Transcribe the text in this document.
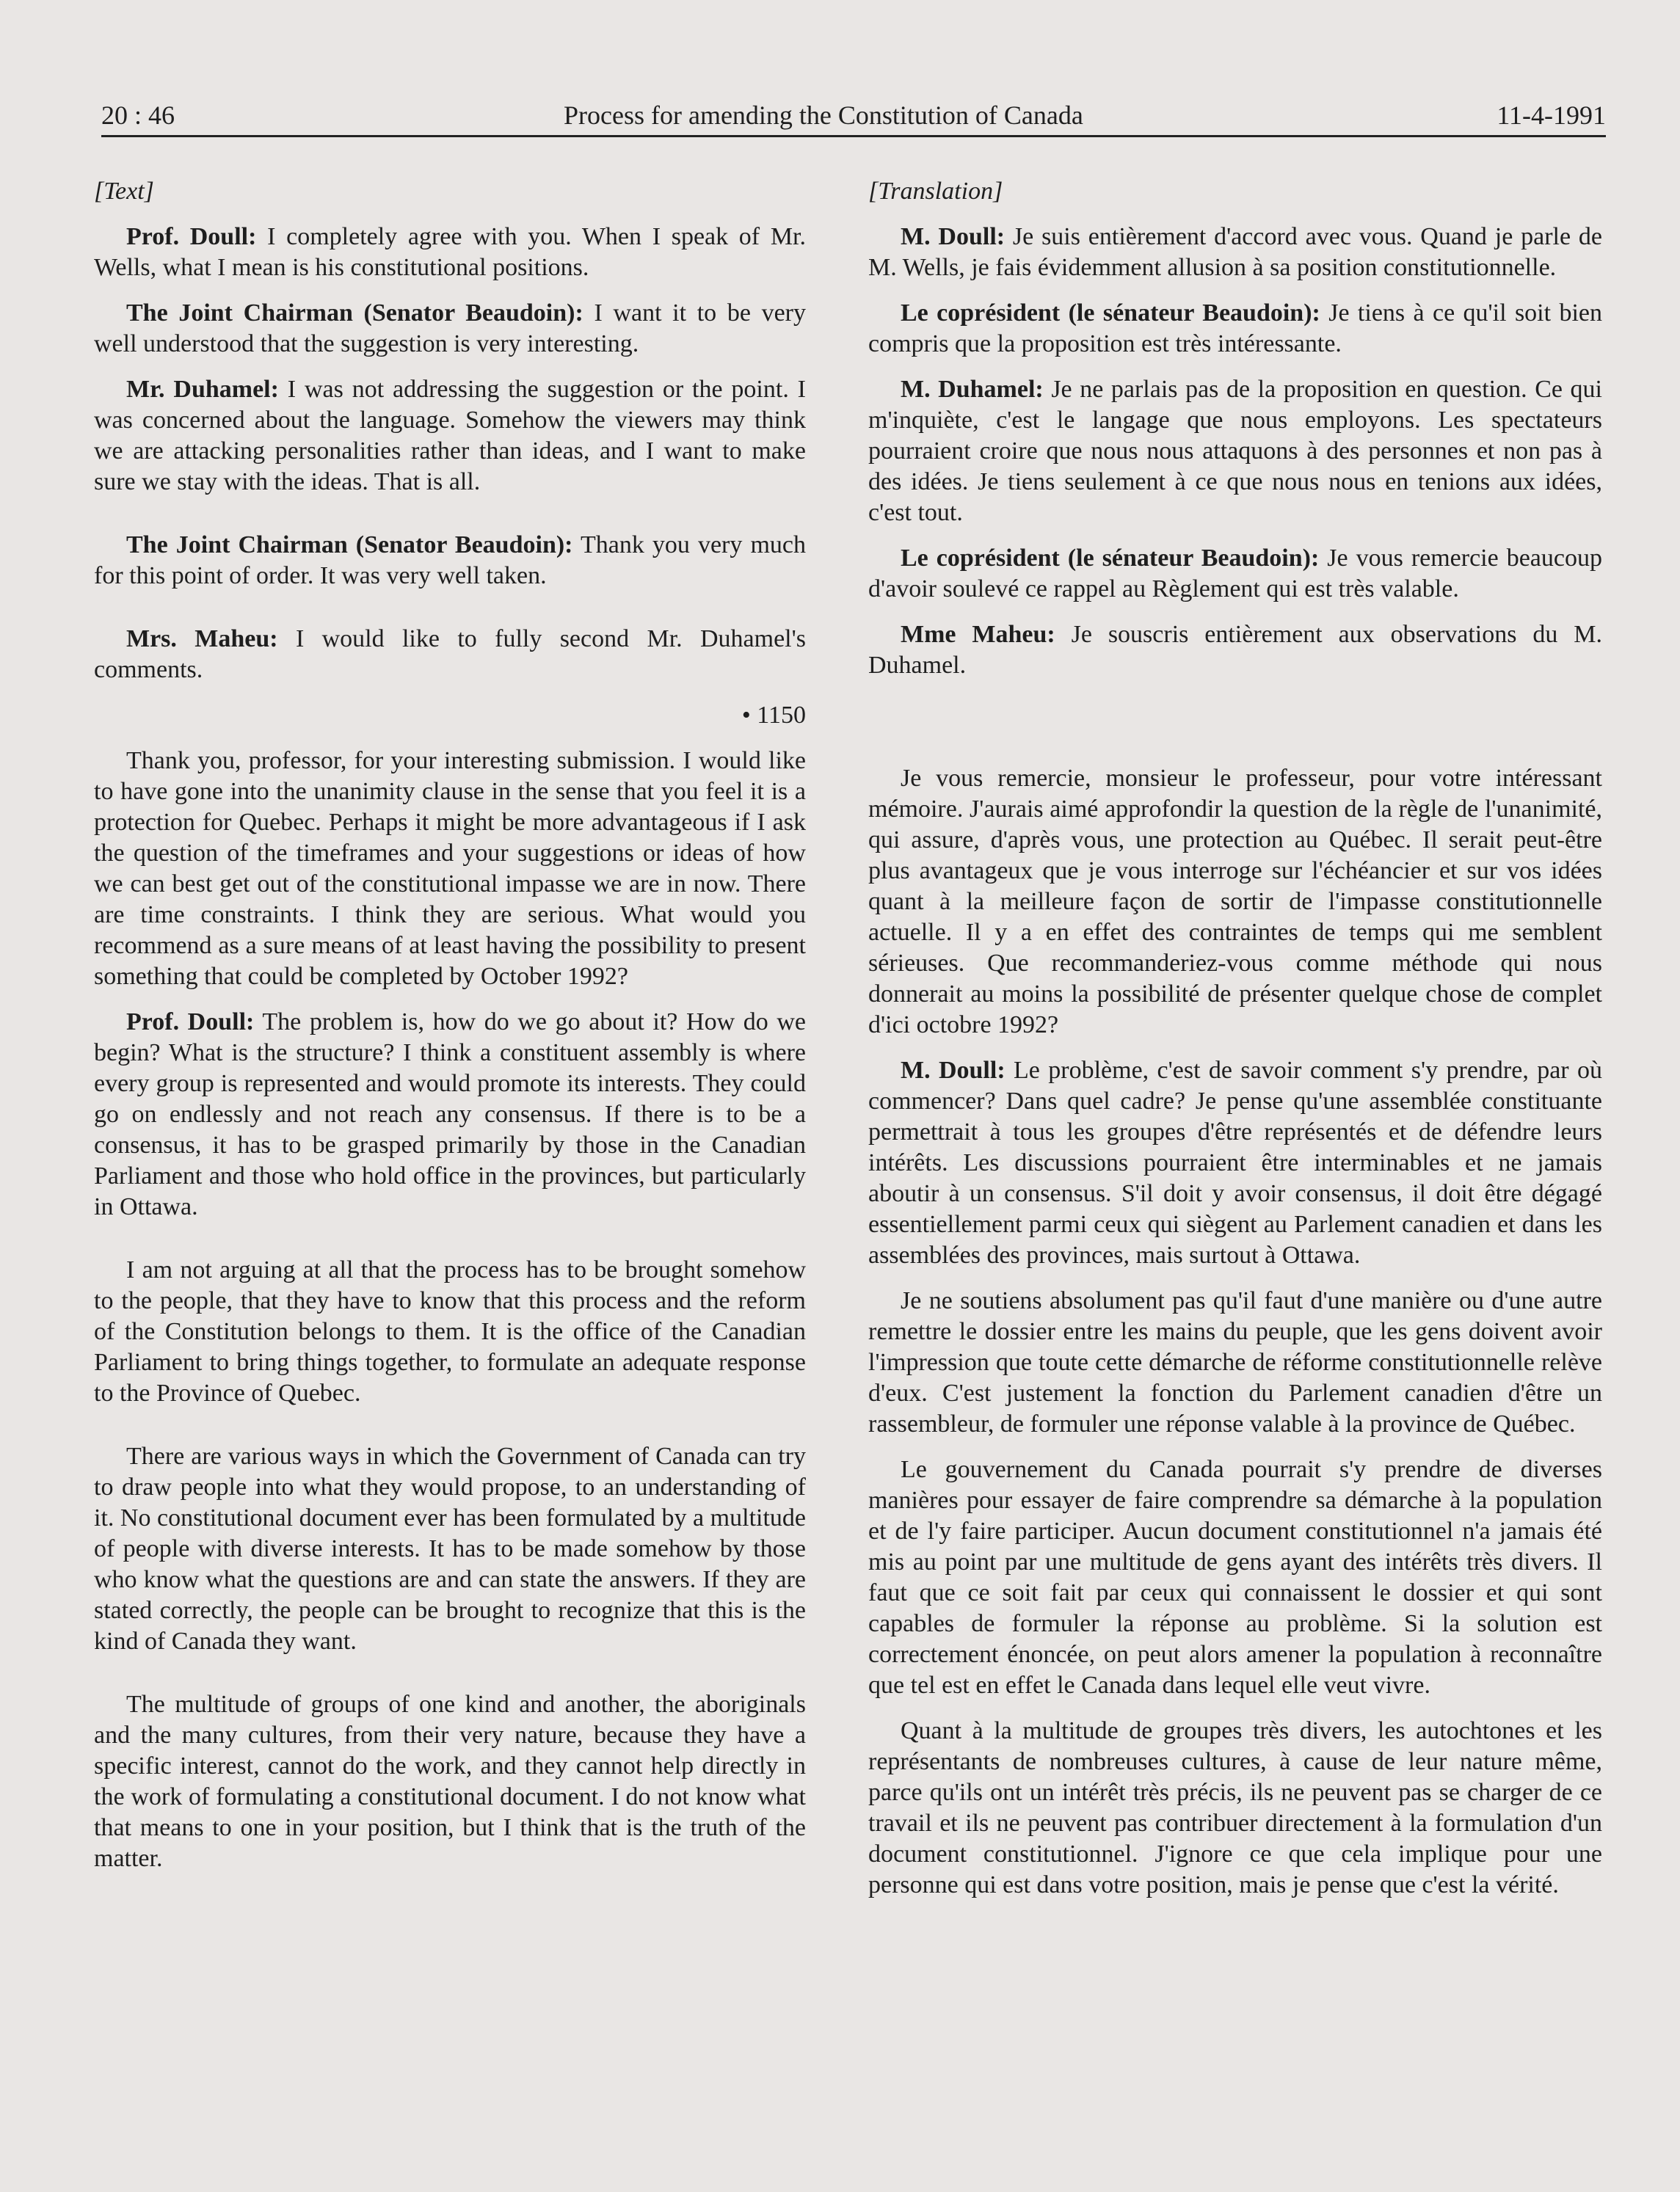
20 : 46	Process for amending the Constitution of Canada	11-4-1991

[Text]

Prof. Doull: I completely agree with you. When I speak of Mr. Wells, what I mean is his constitutional positions.

The Joint Chairman (Senator Beaudoin): I want it to be very well understood that the suggestion is very interesting.

Mr. Duhamel: I was not addressing the suggestion or the point. I was concerned about the language. Somehow the viewers may think we are attacking personalities rather than ideas, and I want to make sure we stay with the ideas. That is all.

The Joint Chairman (Senator Beaudoin): Thank you very much for this point of order. It was very well taken.

Mrs. Maheu: I would like to fully second Mr. Duhamel's comments.

• 1150

Thank you, professor, for your interesting submission. I would like to have gone into the unanimity clause in the sense that you feel it is a protection for Quebec. Perhaps it might be more advantageous if I ask the question of the timeframes and your suggestions or ideas of how we can best get out of the constitutional impasse we are in now. There are time constraints. I think they are serious. What would you recommend as a sure means of at least having the possibility to present something that could be completed by October 1992?

Prof. Doull: The problem is, how do we go about it? How do we begin? What is the structure? I think a constituent assembly is where every group is represented and would promote its interests. They could go on endlessly and not reach any consensus. If there is to be a consensus, it has to be grasped primarily by those in the Canadian Parliament and those who hold office in the provinces, but particularly in Ottawa.

I am not arguing at all that the process has to be brought somehow to the people, that they have to know that this process and the reform of the Constitution belongs to them. It is the office of the Canadian Parliament to bring things together, to formulate an adequate response to the Province of Quebec.

There are various ways in which the Government of Canada can try to draw people into what they would propose, to an understanding of it. No constitutional document ever has been formulated by a multitude of people with diverse interests. It has to be made somehow by those who know what the questions are and can state the answers. If they are stated correctly, the people can be brought to recognize that this is the kind of Canada they want.

The multitude of groups of one kind and another, the aboriginals and the many cultures, from their very nature, because they have a specific interest, cannot do the work, and they cannot help directly in the work of formulating a constitutional document. I do not know what that means to one in your position, but I think that is the truth of the matter.

[Translation]

M. Doull: Je suis entièrement d'accord avec vous. Quand je parle de M. Wells, je fais évidemment allusion à sa position constitutionnelle.

Le coprésident (le sénateur Beaudoin): Je tiens à ce qu'il soit bien compris que la proposition est très intéressante.

M. Duhamel: Je ne parlais pas de la proposition en question. Ce qui m'inquiète, c'est le langage que nous employons. Les spectateurs pourraient croire que nous nous attaquons à des personnes et non pas à des idées. Je tiens seulement à ce que nous nous en tenions aux idées, c'est tout.

Le coprésident (le sénateur Beaudoin): Je vous remercie beaucoup d'avoir soulevé ce rappel au Règlement qui est très valable.

Mme Maheu: Je souscris entièrement aux observations du M. Duhamel.

Je vous remercie, monsieur le professeur, pour votre intéressant mémoire. J'aurais aimé approfondir la question de la règle de l'unanimité, qui assure, d'après vous, une protection au Québec. Il serait peut-être plus avantageux que je vous interroge sur l'échéancier et sur vos idées quant à la meilleure façon de sortir de l'impasse constitutionnelle actuelle. Il y a en effet des contraintes de temps qui me semblent sérieuses. Que recommanderiez-vous comme méthode qui nous donnerait au moins la possibilité de présenter quelque chose de complet d'ici octobre 1992?

M. Doull: Le problème, c'est de savoir comment s'y prendre, par où commencer? Dans quel cadre? Je pense qu'une assemblée constituante permettrait à tous les groupes d'être représentés et de défendre leurs intérêts. Les discussions pourraient être interminables et ne jamais aboutir à un consensus. S'il doit y avoir consensus, il doit être dégagé essentiellement parmi ceux qui siègent au Parlement canadien et dans les assemblées des provinces, mais surtout à Ottawa.

Je ne soutiens absolument pas qu'il faut d'une manière ou d'une autre remettre le dossier entre les mains du peuple, que les gens doivent avoir l'impression que toute cette démarche de réforme constitutionnelle relève d'eux. C'est justement la fonction du Parlement canadien d'être un rassembleur, de formuler une réponse valable à la province de Québec.

Le gouvernement du Canada pourrait s'y prendre de diverses manières pour essayer de faire comprendre sa démarche à la population et de l'y faire participer. Aucun document constitutionnel n'a jamais été mis au point par une multitude de gens ayant des intérêts très divers. Il faut que ce soit fait par ceux qui connaissent le dossier et qui sont capables de formuler la réponse au problème. Si la solution est correctement énoncée, on peut alors amener la population à reconnaître que tel est en effet le Canada dans lequel elle veut vivre.

Quant à la multitude de groupes très divers, les autochtones et les représentants de nombreuses cultures, à cause de leur nature même, parce qu'ils ont un intérêt très précis, ils ne peuvent pas se charger de ce travail et ils ne peuvent pas contribuer directement à la formulation d'un document constitutionnel. J'ignore ce que cela implique pour une personne qui est dans votre position, mais je pense que c'est la vérité.
